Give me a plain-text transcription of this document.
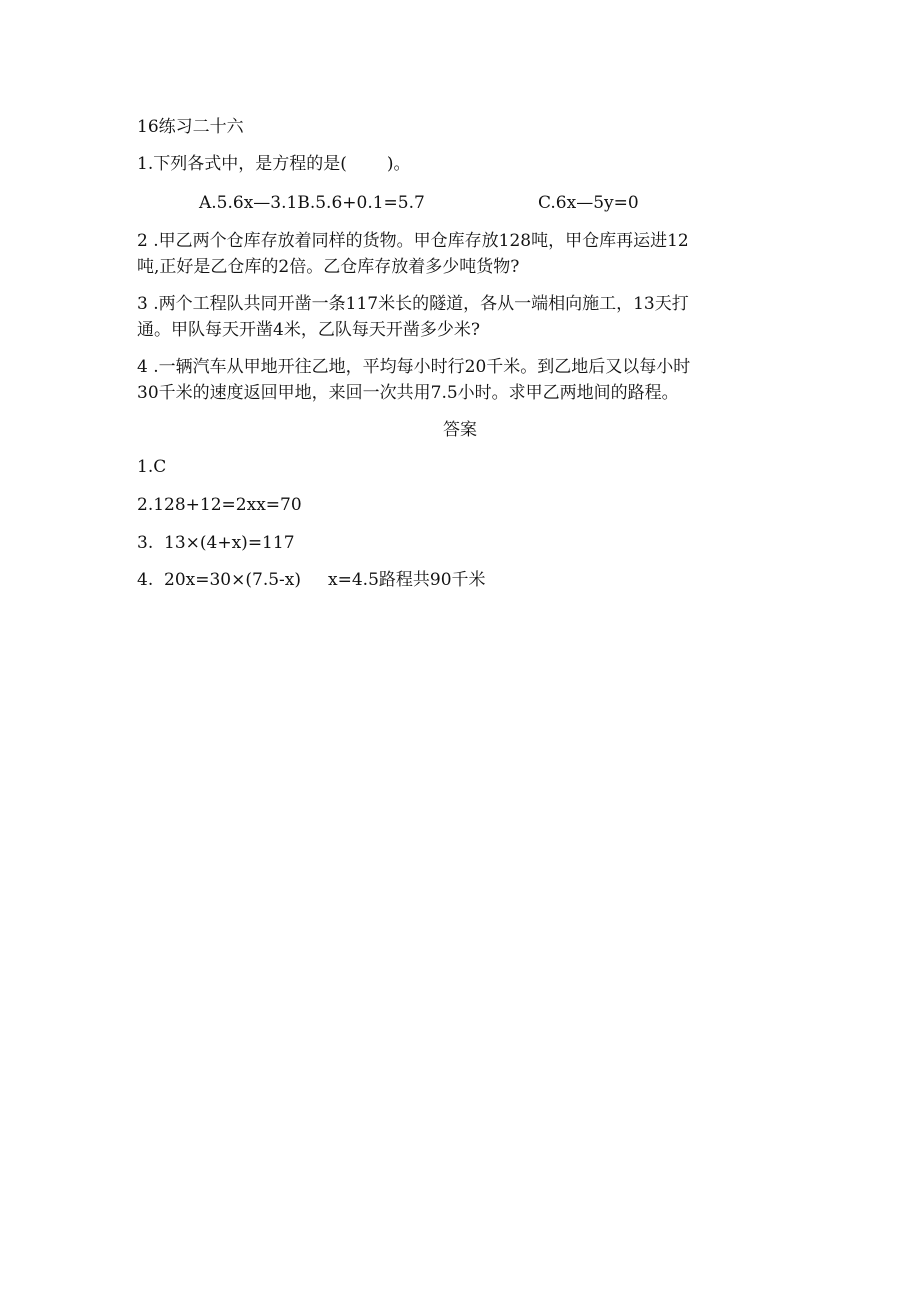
16练习二十六
1.下列各式中，是方程的是( )。
A.5.6x—3.1B.5.6+0.1=5.7	C.6x—5y=0
2 .甲乙两个仓库存放着同样的货物。甲仓库存放128吨，甲仓库再运进12
吨,正好是乙仓库的2倍。乙仓库存放着多少吨货物?
3 .两个工程队共同开凿一条117米长的隧道，各从一端相向施工，13天打
通。甲队每天开凿4米，乙队每天开凿多少米?
4 .一辆汽车从甲地开往乙地，平均每小时行20千米。到乙地后又以每小时
30千米的速度返回甲地，来回一次共用7.5小时。求甲乙两地间的路程。
答案
1.C
2.128+12=2xx=70
3.  13×(4+x)=117
4.  20x=30×(7.5-x)     x=4.5路程共90千米
